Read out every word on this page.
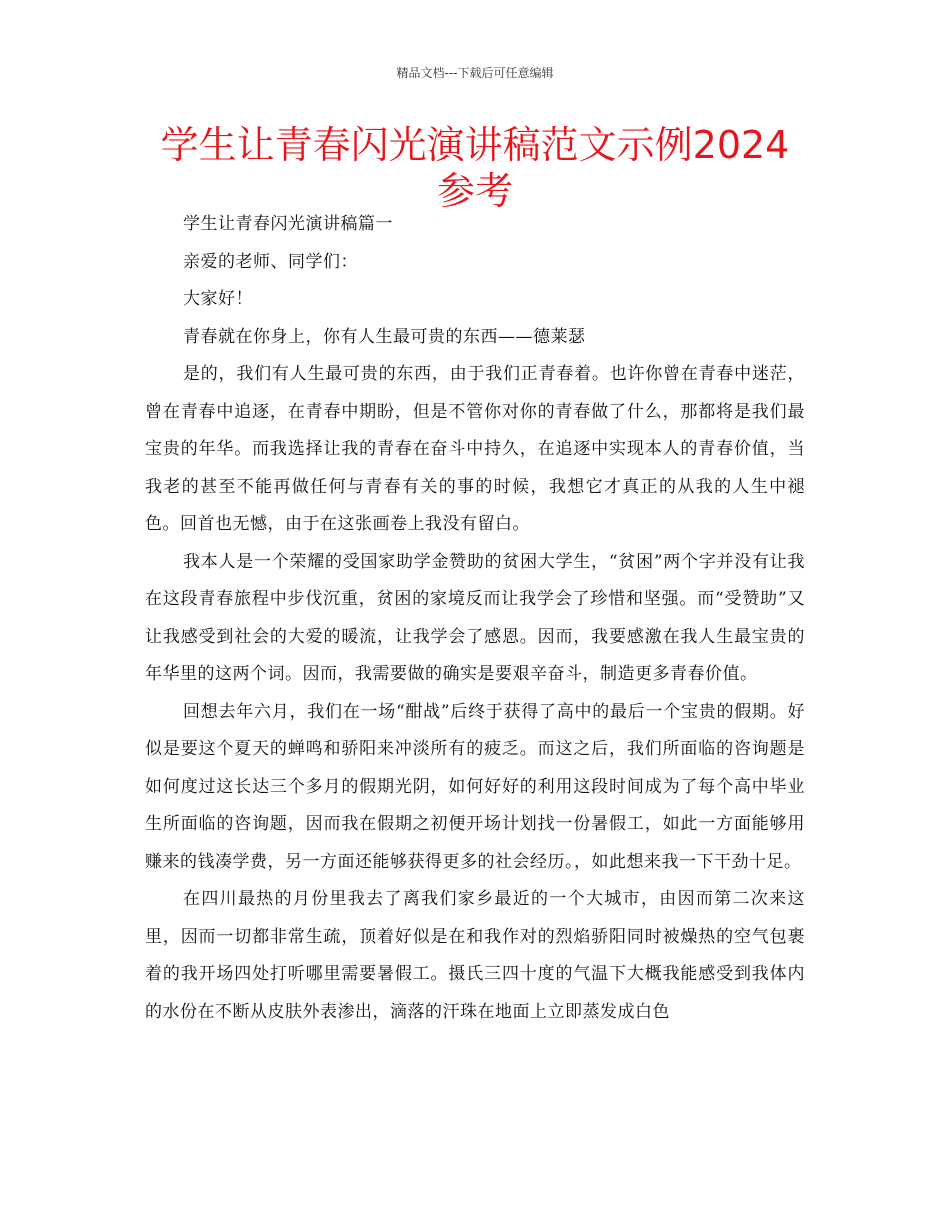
精品文档---下载后可任意编辑
学生让青春闪光演讲稿范文示例2024参考

学生让青春闪光演讲稿篇一

亲爱的老师、同学们：

大家好！

青春就在你身上，你有人生最可贵的东西——德莱瑟

是的，我们有人生最可贵的东西，由于我们正青春着。也许你曾在青春中迷茫，曾在青春中追逐，在青春中期盼，但是不管你对你的青春做了什么，那都将是我们最宝贵的年华。而我选择让我的青春在奋斗中持久，在追逐中实现本人的青春价值，当我老的甚至不能再做任何与青春有关的事的时候，我想它才真正的从我的人生中褪色。回首也无憾，由于在这张画卷上我没有留白。

我本人是一个荣耀的受国家助学金赞助的贫困大学生，“贫困”两个字并没有让我在这段青春旅程中步伐沉重，贫困的家境反而让我学会了珍惜和坚强。而“受赞助”又让我感受到社会的大爱的暖流，让我学会了感恩。因而，我要感激在我人生最宝贵的年华里的这两个词。因而，我需要做的确实是要艰辛奋斗，制造更多青春价值。

回想去年六月，我们在一场“酣战”后终于获得了高中的最后一个宝贵的假期。好似是要这个夏天的蝉鸣和骄阳来冲淡所有的疲乏。而这之后，我们所面临的咨询题是如何度过这长达三个多月的假期光阴，如何好好的利用这段时间成为了每个高中毕业生所面临的咨询题，因而我在假期之初便开场计划找一份暑假工，如此一方面能够用赚来的钱凑学费，另一方面还能够获得更多的社会经历。，如此想来我一下干劲十足。

在四川最热的月份里我去了离我们家乡最近的一个大城市，由因而第二次来这里，因而一切都非常生疏，顶着好似是在和我作对的烈焰骄阳同时被燥热的空气包裹着的我开场四处打听哪里需要暑假工。摄氏三四十度的气温下大概我能感受到我体内的水份在不断从皮肤外表渗出，滴落的汗珠在地面上立即蒸发成白色
